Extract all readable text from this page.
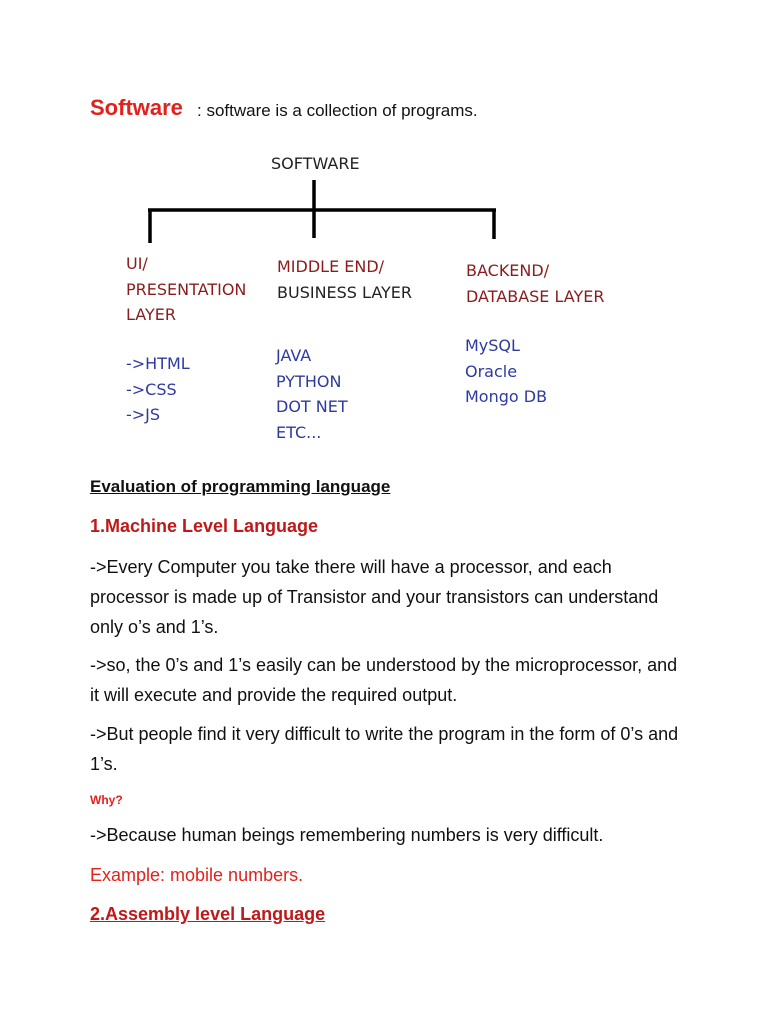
Software : software is a collection of programs.
SOFTWARE
UI/
PRESENTATION
LAYER
->HTML
->CSS
->JS
MIDDLE END/
BUSINESS LAYER
JAVA
PYTHON
DOT NET
ETC...
BACKEND/
DATABASE LAYER
MySQL
Oracle
Mongo DB
Evaluation of programming language
1.Machine Level Language
->Every Computer you take there will have a processor, and each processor is made up of Transistor and your transistors can understand only o’s and 1’s.
->so, the 0’s and 1’s easily can be understood by the microprocessor, and it will execute and provide the required output.
->But people find it very difficult to write the program in the form of 0’s and 1’s.
Why?
->Because human beings remembering numbers is very difficult.
Example: mobile numbers.
2.Assembly level Language
